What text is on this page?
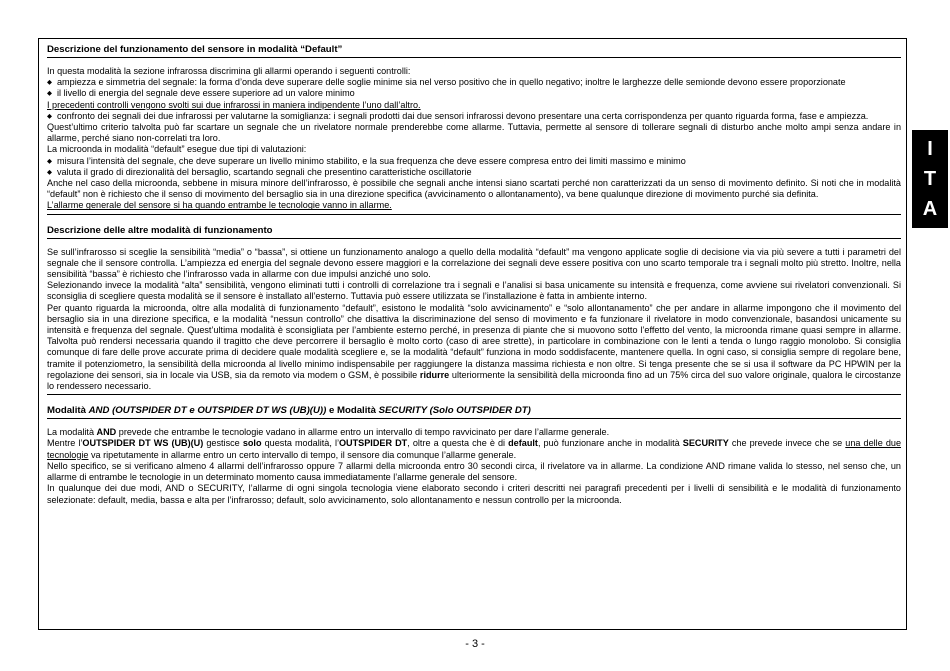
I
T
A
Descrizione del funzionamento del sensore in modalità “Default”

In questa modalità la sezione infrarossa discrimina gli allarmi operando i seguenti controlli:

◆ ampiezza e simmetria del segnale: la forma d’onda deve superare delle soglie minime sia nel verso positivo che in quello negativo; inoltre le larghezze delle semionde devono essere proporzionate

◆ il livello di energia del segnale deve essere superiore ad un valore minimo

I precedenti controlli vengono svolti sui due infrarossi in maniera indipendente l’uno dall’altro.

◆ confronto dei segnali dei due infrarossi per valutarne la somiglianza: i segnali prodotti dai due sensori infrarossi devono presentare una certa corrispondenza per quanto riguarda forma, fase e ampiezza.

Quest’ultimo criterio talvolta può far scartare un segnale che un rivelatore normale prenderebbe come allarme. Tuttavia, permette al sensore di tollerare segnali di disturbo anche molto ampi senza andare in allarme, perché siano non-correlati tra loro.

La microonda in modalità “default” esegue due tipi di valutazioni:

◆ misura l’intensità del segnale, che deve superare un livello minimo stabilito, e la sua frequenza che deve essere compresa entro dei limiti massimo e minimo

◆ valuta il grado di direzionalità del bersaglio, scartando segnali che presentino caratteristiche oscillatorie

Anche nel caso della microonda, sebbene in misura minore dell’infrarosso, è possibile che segnali anche intensi siano scartati perché non caratterizzati da un senso di movimento definito. Si noti che in modalità “default” non è richiesto che il senso di movimento del bersaglio sia in una direzione specifica (avvicinamento o allontanamento), va bene qualunque direzione di movimento purché sia definita.

L’allarme generale del sensore si ha quando entrambe le tecnologie vanno in allarme.

Descrizione delle altre modalità di funzionamento

Se sull’infrarosso si sceglie la sensibilità “media” o “bassa”, si ottiene un funzionamento analogo a quello della modalità “default” ma vengono applicate soglie di decisione via via più severe a tutti i parametri del segnale che il sensore controlla. L’ampiezza ed energia del segnale devono essere maggiori e la correlazione dei segnali deve essere positiva con uno scarto temporale tra i segnali molto più stretto. Inoltre, nella sensibilità “bassa” è richiesto che l’infrarosso vada in allarme con due impulsi anziché uno solo.

Selezionando invece la modalità “alta” sensibilità, vengono eliminati tutti i controlli di correlazione tra i segnali e l’analisi si basa unicamente su intensità e frequenza, come avviene sui rivelatori convenzionali. Si sconsiglia di scegliere questa modalità se il sensore è installato all’esterno. Tuttavia può essere utilizzata se l’installazione è fatta in ambiente interno.

Per quanto riguarda la microonda, oltre alla modalità di funzionamento “default”, esistono le modalità “solo avvicinamento” e “solo allontanamento” che per andare in allarme impongono che il movimento del bersaglio sia in una direzione specifica, e la modalità “nessun controllo” che disattiva la discriminazione del senso di movimento e fa funzionare il rivelatore in modo convenzionale, basandosi unicamente su intensità e frequenza del segnale. Quest’ultima modalità è sconsigliata per l’ambiente esterno perché, in presenza di piante che si muovono sotto l’effetto del vento, la microonda rimane quasi sempre in allarme. Talvolta può rendersi necessaria quando il tragitto che deve percorrere il bersaglio è molto corto (caso di aree strette), in particolare in combinazione con le lenti a tenda o lungo raggio monolobo. Si consiglia comunque di fare delle prove accurate prima di decidere quale modalità scegliere e, se la modalità “default” funziona in modo soddisfacente, mantenere quella. In ogni caso, si consiglia sempre di regolare bene, tramite il potenziometro, la sensibilità della microonda al livello minimo indispensabile per raggiungere la distanza massima richiesta e non oltre. Si tenga presente che se si usa il software da PC HPWIN per la regolazione dei sensori, sia in locale via USB, sia da remoto via modem o GSM, è possibile ridurre ulteriormente la sensibilità della microonda fino ad un 75% circa del suo valore originale, qualora le circostanze lo rendessero necessario.

Modalità AND (OUTSPIDER DT e OUTSPIDER DT WS (UB)(U)) e Modalità SECURITY (Solo OUTSPIDER DT)

La modalità AND prevede che entrambe le tecnologie vadano in allarme entro un intervallo di tempo ravvicinato per dare l’allarme generale.

Mentre l’OUTSPIDER DT WS (UB)(U) gestisce solo questa modalità, l’OUTSPIDER DT, oltre a questa che è di default, può funzionare anche in modalità SECURITY che prevede invece che se una delle due tecnologie va ripetutamente in allarme entro un certo intervallo di tempo, il sensore dia comunque l’allarme generale.

Nello specifico, se si verificano almeno 4 allarmi dell’infrarosso oppure 7 allarmi della microonda entro 30 secondi circa, il rivelatore va in allarme. La condizione AND rimane valida lo stesso, nel senso che, un allarme di entrambe le tecnologie in un determinato momento causa immediatamente l’allarme generale del sensore.

In qualunque dei due modi, AND o SECURITY, l’allarme di ogni singola tecnologia viene elaborato secondo i criteri descritti nei paragrafi precedenti per i livelli di sensibilità e le modalità di funzionamento selezionate: default, media, bassa e alta per l’infrarosso; default, solo avvicinamento, solo allontanamento e nessun controllo per la microonda.

- 3 -
